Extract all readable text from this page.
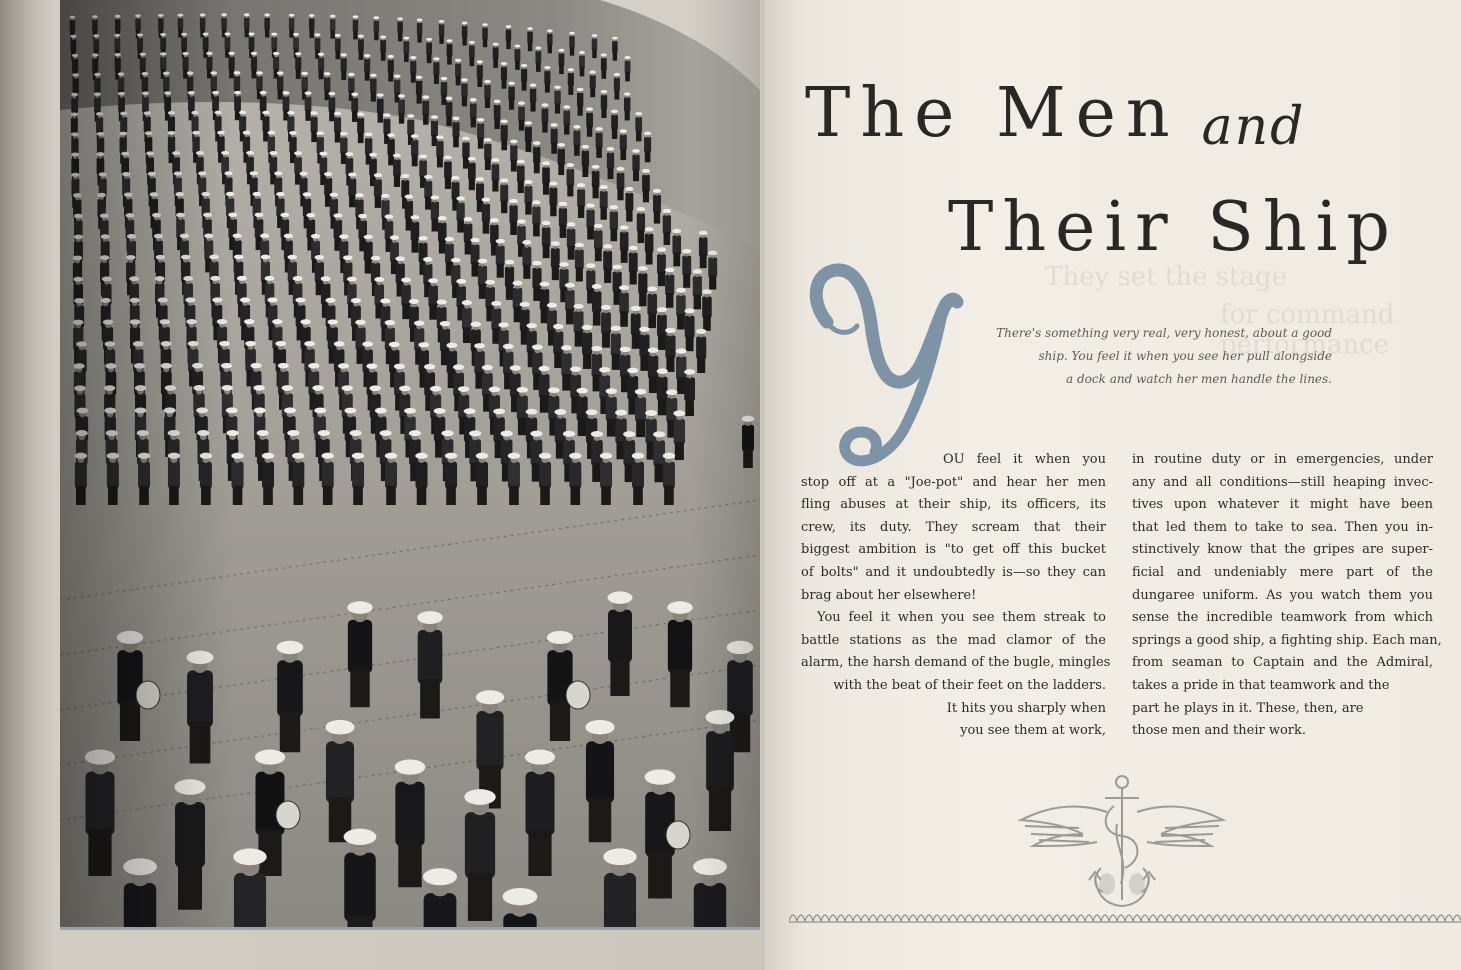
They set the stage
for command performance
The Men and
Their Ship
Y
There's something very real, very honest, about a good
ship. You feel it when you see her pull alongside
a dock and watch her men handle the lines.
OU feel it when you
stop off at a "Joe-pot" and hear her men
fling abuses at their ship, its officers, its
crew, its duty. They scream that their
biggest ambition is "to get off this bucket
of bolts" and it undoubtedly is—so they can
brag about her elsewhere!
You feel it when you see them streak to
battle stations as the mad clamor of the
alarm, the harsh demand of the bugle, mingles
with the beat of their feet on the ladders.
It hits you sharply when
you see them at work,
in routine duty or in emergencies, under
any and all conditions—still heaping invec-
tives upon whatever it might have been
that led them to take to sea. Then you in-
stinctively know that the gripes are super-
ficial and undeniably mere part of the
dungaree uniform. As you watch them you
sense the incredible teamwork from which
springs a good ship, a fighting ship. Each man,
from seaman to Captain and the Admiral,
takes a pride in that teamwork and the
part he plays in it. These, then, are
those men and their work.
